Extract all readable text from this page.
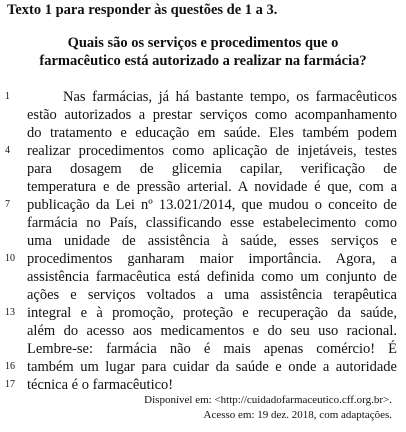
Texto 1 para responder às questões de 1 a 3.
Quais são os serviços e procedimentos que o
farmacêutico está autorizado a realizar na farmácia?
Nas farmácias, já há bastante tempo, os farmacêuticos
estão autorizados a prestar serviços como acompanhamento
do tratamento e educação em saúde. Eles também podem
realizar procedimentos como aplicação de injetáveis, testes
para dosagem de glicemia capilar, verificação de
temperatura e de pressão arterial. A novidade é que, com a
publicação da Lei nº 13.021/2014, que mudou o conceito de
farmácia no País, classificando esse estabelecimento como
uma unidade de assistência à saúde, esses serviços e
procedimentos ganharam maior importância. Agora, a
assistência farmacêutica está definida como um conjunto de
ações e serviços voltados a uma assistência terapêutica
integral e à promoção, proteção e recuperação da saúde,
além do acesso aos medicamentos e do seu uso racional.
Lembre-se: farmácia não é mais apenas comércio! É
também um lugar para cuidar da saúde e onde a autoridade
técnica é o farmacêutico!
1
4
7
10
13
16
17
Disponível em: <http://cuidadofarmaceutico.cff.org.br>.
Acesso em: 19 dez. 2018, com adaptações.
